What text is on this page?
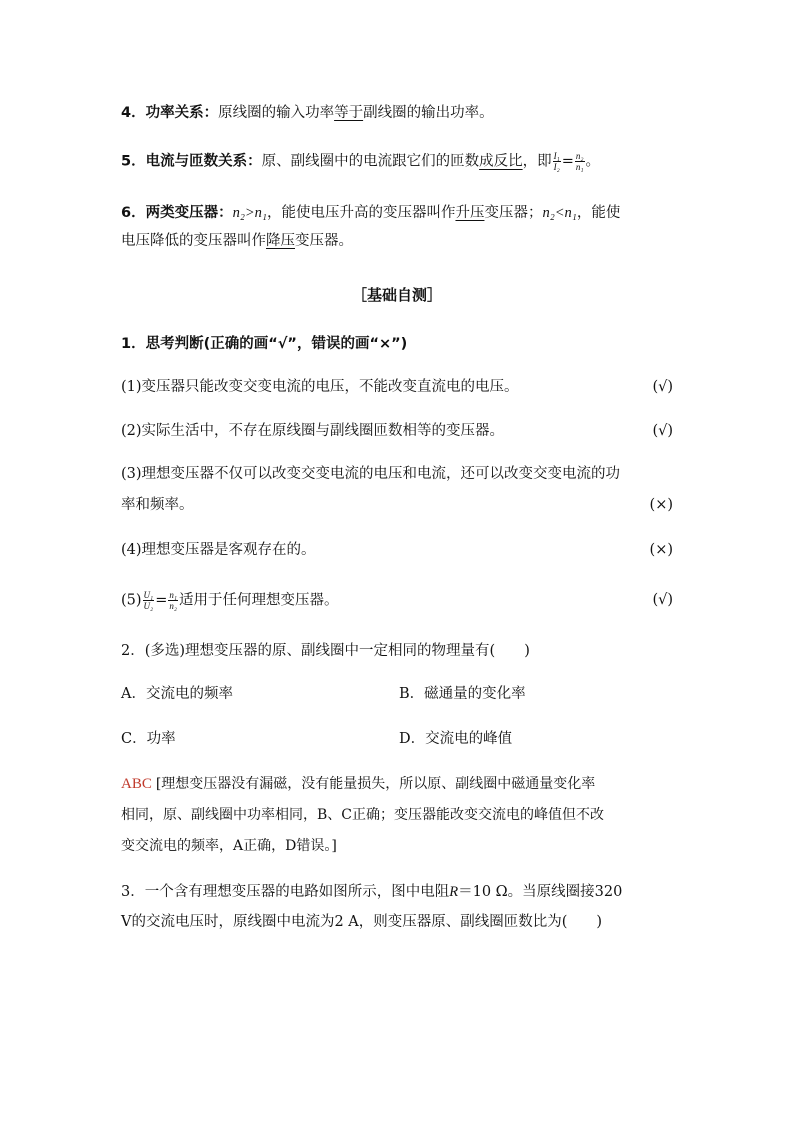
4．功率关系：原线圈的输入功率等于副线圈的输出功率。
5．电流与匝数关系：原、副线圈中的电流跟它们的匝数成反比，即 $\frac{\text{I₁}}{\text{I₂}} = \frac{\text{n₂}}{\text{n₁}}$ 。
6．两类变压器：n₂>n₁，能使电压升高的变压器叫作升压变压器；n₂<n₁，能使
电压降低的变压器叫作降压变压器。
［基础自测］
1．思考判断(正确的画“√”，错误的画“×”)
(1)变压器只能改变交变电流的电压，不能改变直流电的电压。	(√)
(2)实际生活中，不存在原线圈与副线圈匝数相等的变压器。	(√)
(3)理想变压器不仅可以改变交变电流的电压和电流，还可以改变交变电流的功
率和频率。	(×)
(4)理想变压器是客观存在的。	(×)
$(5) \frac{\text{U₁}}{\text{U₂}} = \frac{\text{n₁}}{\text{n₂}}$ 适用于任何理想变压器。	(√)
2．(多选)理想变压器的原、副线圈中一定相同的物理量有(　　)
A．交流电的频率	B．磁通量的变化率
C．功率	D．交流电的峰值
ABC [理想变压器没有漏磁，没有能量损失，所以原、副线圈中磁通量变化率
相同，原、副线圈中功率相同，B、C正确；变压器能改变交流电的峰值但不改
变交流电的频率，A正确，D错误。]
3．一个含有理想变压器的电路如图所示，图中电阻R＝10 Ω。当原线圈接320
V的交流电压时，原线圈中电流为2 A，则变压器原、副线圈匝数比为(　　)
